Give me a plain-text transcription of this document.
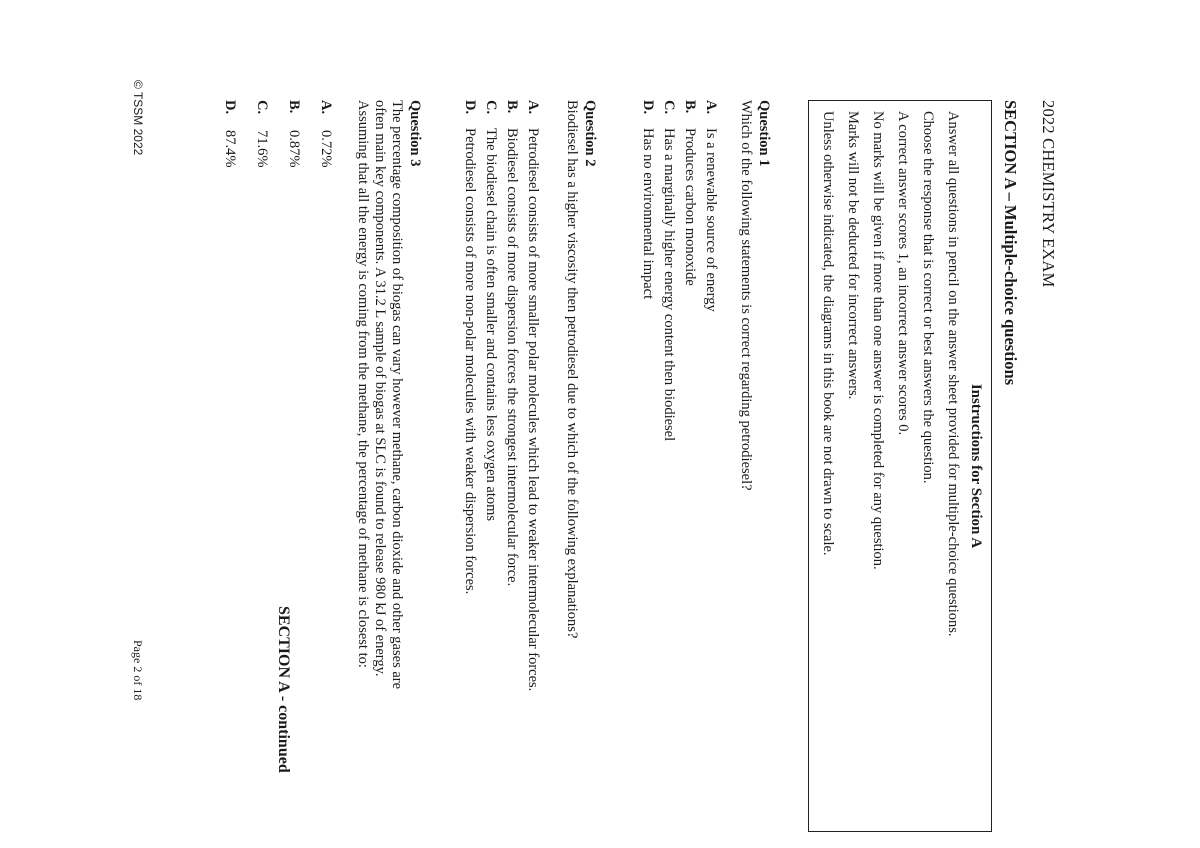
2022 CHEMISTRY EXAM
SECTION A – Multiple-choice questions
Instructions for Section A
Answer all questions in pencil on the answer sheet provided for multiple-choice questions.
Choose the response that is correct or best answers the question.
A correct answer scores 1, an incorrect answer scores 0.
No marks will be given if more than one answer is completed for any question.
Marks will not be deducted for incorrect answers.
Unless otherwise indicated, the diagrams in this book are not drawn to scale.
Question 1
Which of the following statements is correct regarding petrodiesel?
A.
Is a renewable source of energy
B.
Produces carbon monoxide
C.
Has a marginally higher energy content then biodiesel
D.
Has no environmental impact
Question 2
Biodiesel has a higher viscosity then petrodiesel due to which of the following explanations?
A.
Petrodiesel consists of more smaller polar molecules which lead to weaker intermolecular forces.
B.
Biodiesel consists of more dispersion forces the strongest intermolecular force.
C.
The biodiesel chain is often smaller and contains less oxygen atoms
D.
Petrodiesel consists of more non-polar molecules with weaker dispersion forces.
Question 3
The percentage composition of biogas can vary however methane, carbon dioxide and other gases are
often main key components. A 31.2 L sample of biogas at SLC is found to release 980 kJ of energy.
Assuming that all the energy is coming from the methane, the percentage of methane is closest to:
A.
0.72%
B.
0.87%
C.
71.6%
D.
87.4%
SECTION A - continued
© TSSM 2022
Page 2 of 18
